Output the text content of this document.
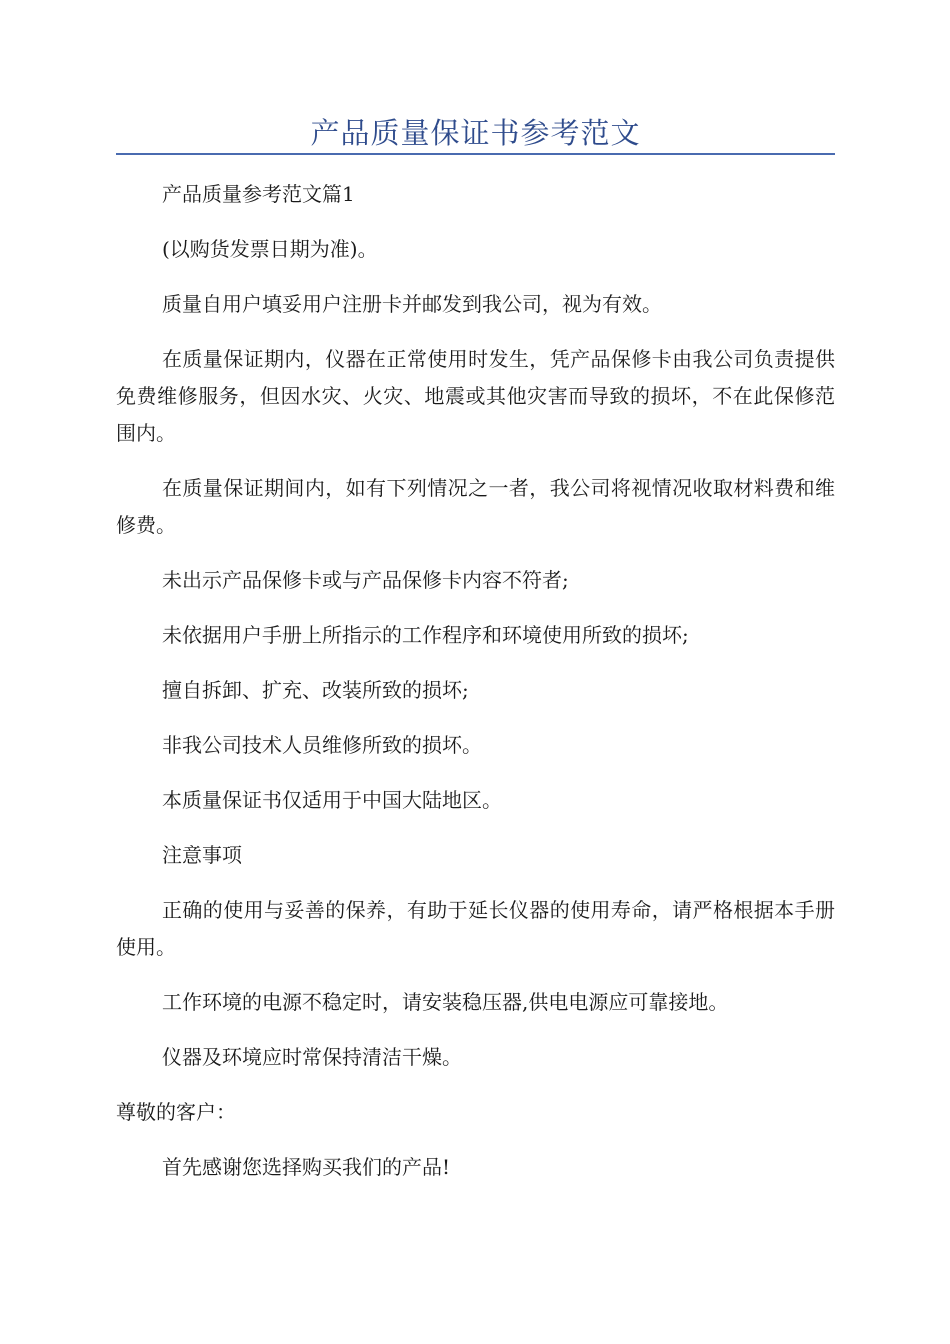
产品质量保证书参考范文

产品质量参考范文篇1

(以购货发票日期为准)。

质量自用户填妥用户注册卡并邮发到我公司，视为有效。

在质量保证期内，仪器在正常使用时发生，凭产品保修卡由我公司负责提供免费维修服务，但因水灾、火灾、地震或其他灾害而导致的损坏，不在此保修范围内。

在质量保证期间内，如有下列情况之一者，我公司将视情况收取材料费和维修费。

未出示产品保修卡或与产品保修卡内容不符者;

未依据用户手册上所指示的工作程序和环境使用所致的损坏;

擅自拆卸、扩充、改装所致的损坏;

非我公司技术人员维修所致的损坏。

本质量保证书仅适用于中国大陆地区。

注意事项

正确的使用与妥善的保养，有助于延长仪器的使用寿命，请严格根据本手册使用。

工作环境的电源不稳定时，请安装稳压器,供电电源应可靠接地。

仪器及环境应时常保持清洁干燥。

尊敬的客户：

首先感谢您选择购买我们的产品!
